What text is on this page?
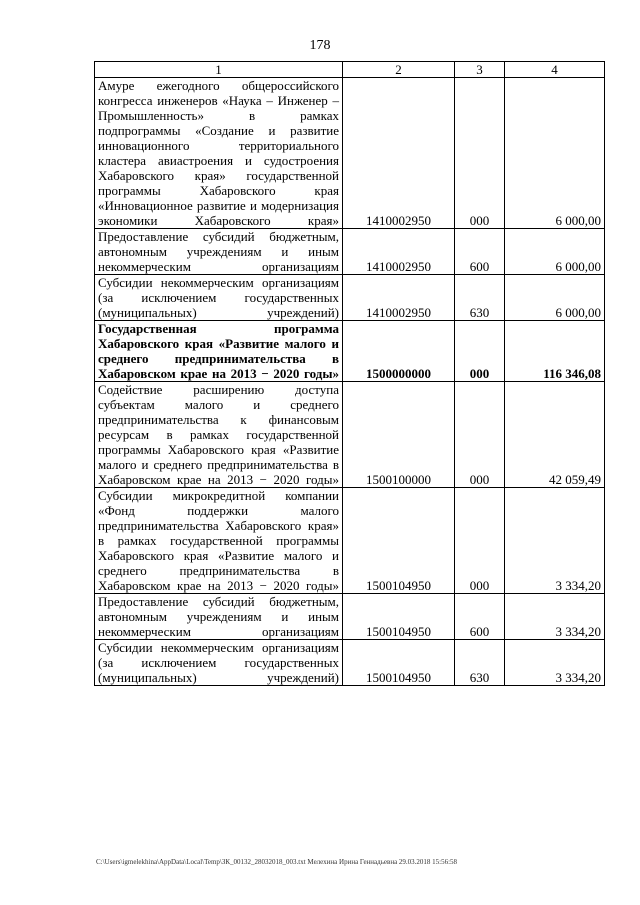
178
1	2	3	4
Амуре ежегодного общероссийского конгресса инженеров «Наука – Инженер –Промышленность» в рамках подпрограммы «Создание и развитие инновационного территориального кластера авиастроения и судостроения Хабаровского края» государственной программы Хабаровского края «Инновационное развитие и модернизация экономики Хабаровского края»	1410002950	000	6 000,00
Предоставление субсидий бюджетным, автономным учреждениям и иным некоммерческим организациям	1410002950	600	6 000,00
Субсидии некоммерческим организациям (за исключением государственных (муниципальных) учреждений)	1410002950	630	6 000,00
Государственная программа Хабаровского края «Развитие малого и среднего предпринимательства в Хабаровском крае на 2013 − 2020 годы»	1500000000	000	116 346,08
Содействие расширению доступа субъектам малого и среднего предпринимательства к финансовым ресурсам в рамках государственной программы Хабаровского края «Развитие малого и среднего предпринимательства в Хабаровском крае на 2013 − 2020 годы»	1500100000	000	42 059,49
Субсидии микрокредитной компании «Фонд поддержки малого предпринимательства Хабаровского края» в рамках государственной программы Хабаровского края «Развитие малого и среднего предпринимательства в Хабаровском крае на 2013 − 2020 годы»	1500104950	000	3 334,20
Предоставление субсидий бюджетным, автономным учреждениям и иным некоммерческим организациям	1500104950	600	3 334,20
Субсидии некоммерческим организациям (за исключением государственных (муниципальных) учреждений)	1500104950	630	3 334,20
C:\Users\igmelekhina\AppData\Local\Temp\ЗК_00132_28032018_003.txt Мелехина Ирина Геннадьевна 29.03.2018 15:56:58
